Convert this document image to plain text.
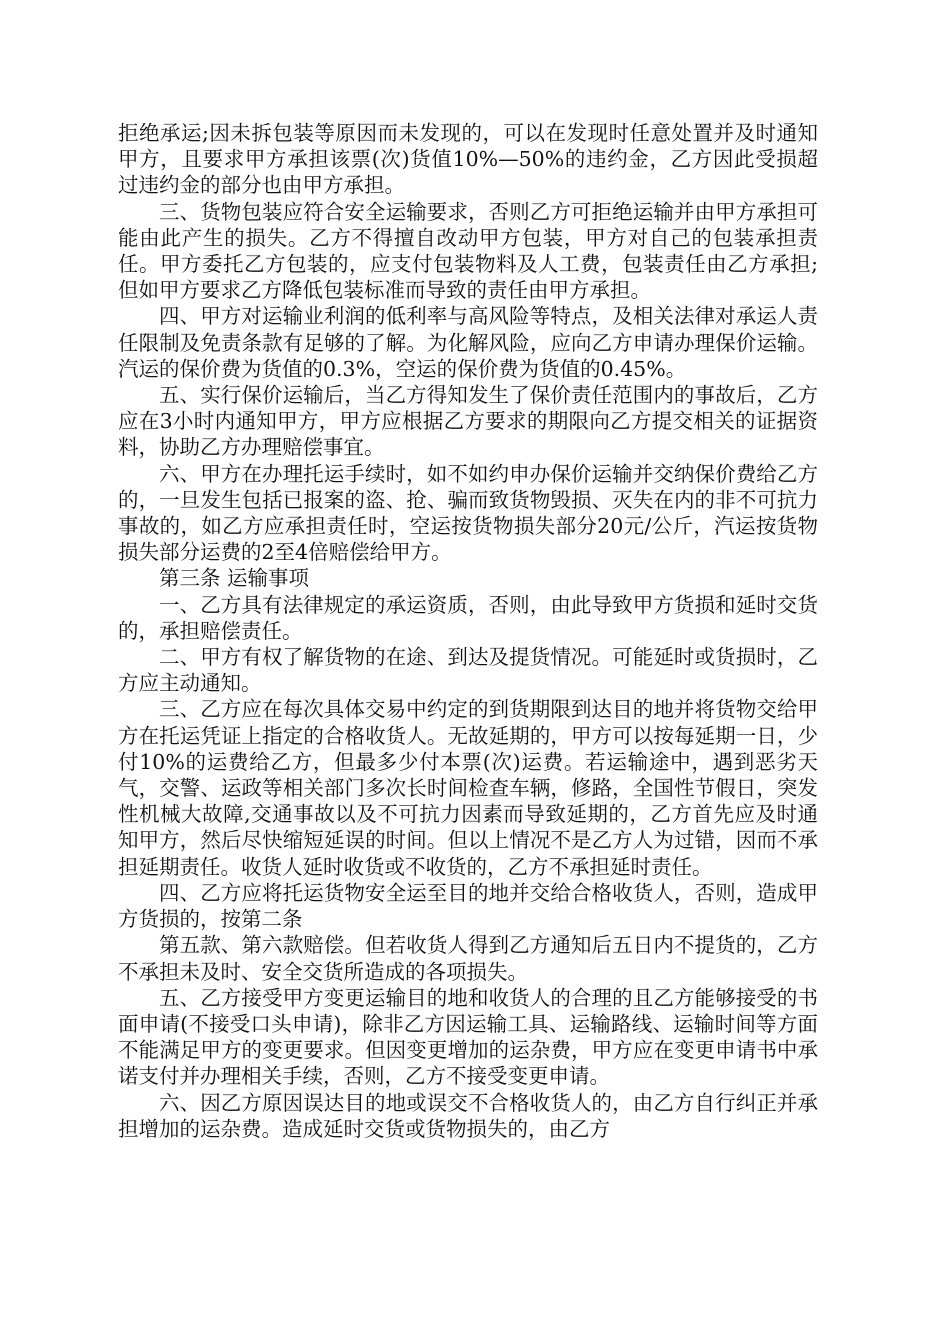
拒绝承运;因未拆包装等原因而未发现的，可以在发现时任意处置并及时通知甲方，且要求甲方承担该票(次)货值10%—50%的违约金，乙方因此受损超过违约金的部分也由甲方承担。

三、货物包装应符合安全运输要求，否则乙方可拒绝运输并由甲方承担可能由此产生的损失。乙方不得擅自改动甲方包装，甲方对自己的包装承担责任。甲方委托乙方包装的，应支付包装物料及人工费，包装责任由乙方承担;但如甲方要求乙方降低包装标准而导致的责任由甲方承担。

四、甲方对运输业利润的低利率与高风险等特点，及相关法律对承运人责任限制及免责条款有足够的了解。为化解风险，应向乙方申请办理保价运输。汽运的保价费为货值的0.3%，空运的保价费为货值的0.45%。

五、实行保价运输后，当乙方得知发生了保价责任范围内的事故后，乙方应在3小时内通知甲方，甲方应根据乙方要求的期限向乙方提交相关的证据资料，协助乙方办理赔偿事宜。

六、甲方在办理托运手续时，如不如约申办保价运输并交纳保价费给乙方的，一旦发生包括已报案的盗、抢、骗而致货物毁损、灭失在内的非不可抗力事故的，如乙方应承担责任时，空运按货物损失部分20元/公斤，汽运按货物损失部分运费的2至4倍赔偿给甲方。

第三条 运输事项

一、乙方具有法律规定的承运资质，否则，由此导致甲方货损和延时交货的，承担赔偿责任。

二、甲方有权了解货物的在途、到达及提货情况。可能延时或货损时，乙方应主动通知。

三、乙方应在每次具体交易中约定的到货期限到达目的地并将货物交给甲方在托运凭证上指定的合格收货人。无故延期的，甲方可以按每延期一日，少付10%的运费给乙方，但最多少付本票(次)运费。若运输途中，遇到恶劣天气，交警、运政等相关部门多次长时间检查车辆，修路，全国性节假日，突发性机械大故障,交通事故以及不可抗力因素而导致延期的，乙方首先应及时通知甲方，然后尽快缩短延误的时间。但以上情况不是乙方人为过错，因而不承担延期责任。收货人延时收货或不收货的，乙方不承担延时责任。

四、乙方应将托运货物安全运至目的地并交给合格收货人，否则，造成甲方货损的，按第二条

第五款、第六款赔偿。但若收货人得到乙方通知后五日内不提货的，乙方不承担未及时、安全交货所造成的各项损失。

五、乙方接受甲方变更运输目的地和收货人的合理的且乙方能够接受的书面申请(不接受口头申请)，除非乙方因运输工具、运输路线、运输时间等方面不能满足甲方的变更要求。但因变更增加的运杂费，甲方应在变更申请书中承诺支付并办理相关手续，否则，乙方不接受变更申请。

六、因乙方原因误达目的地或误交不合格收货人的，由乙方自行纠正并承担增加的运杂费。造成延时交货或货物损失的，由乙方
